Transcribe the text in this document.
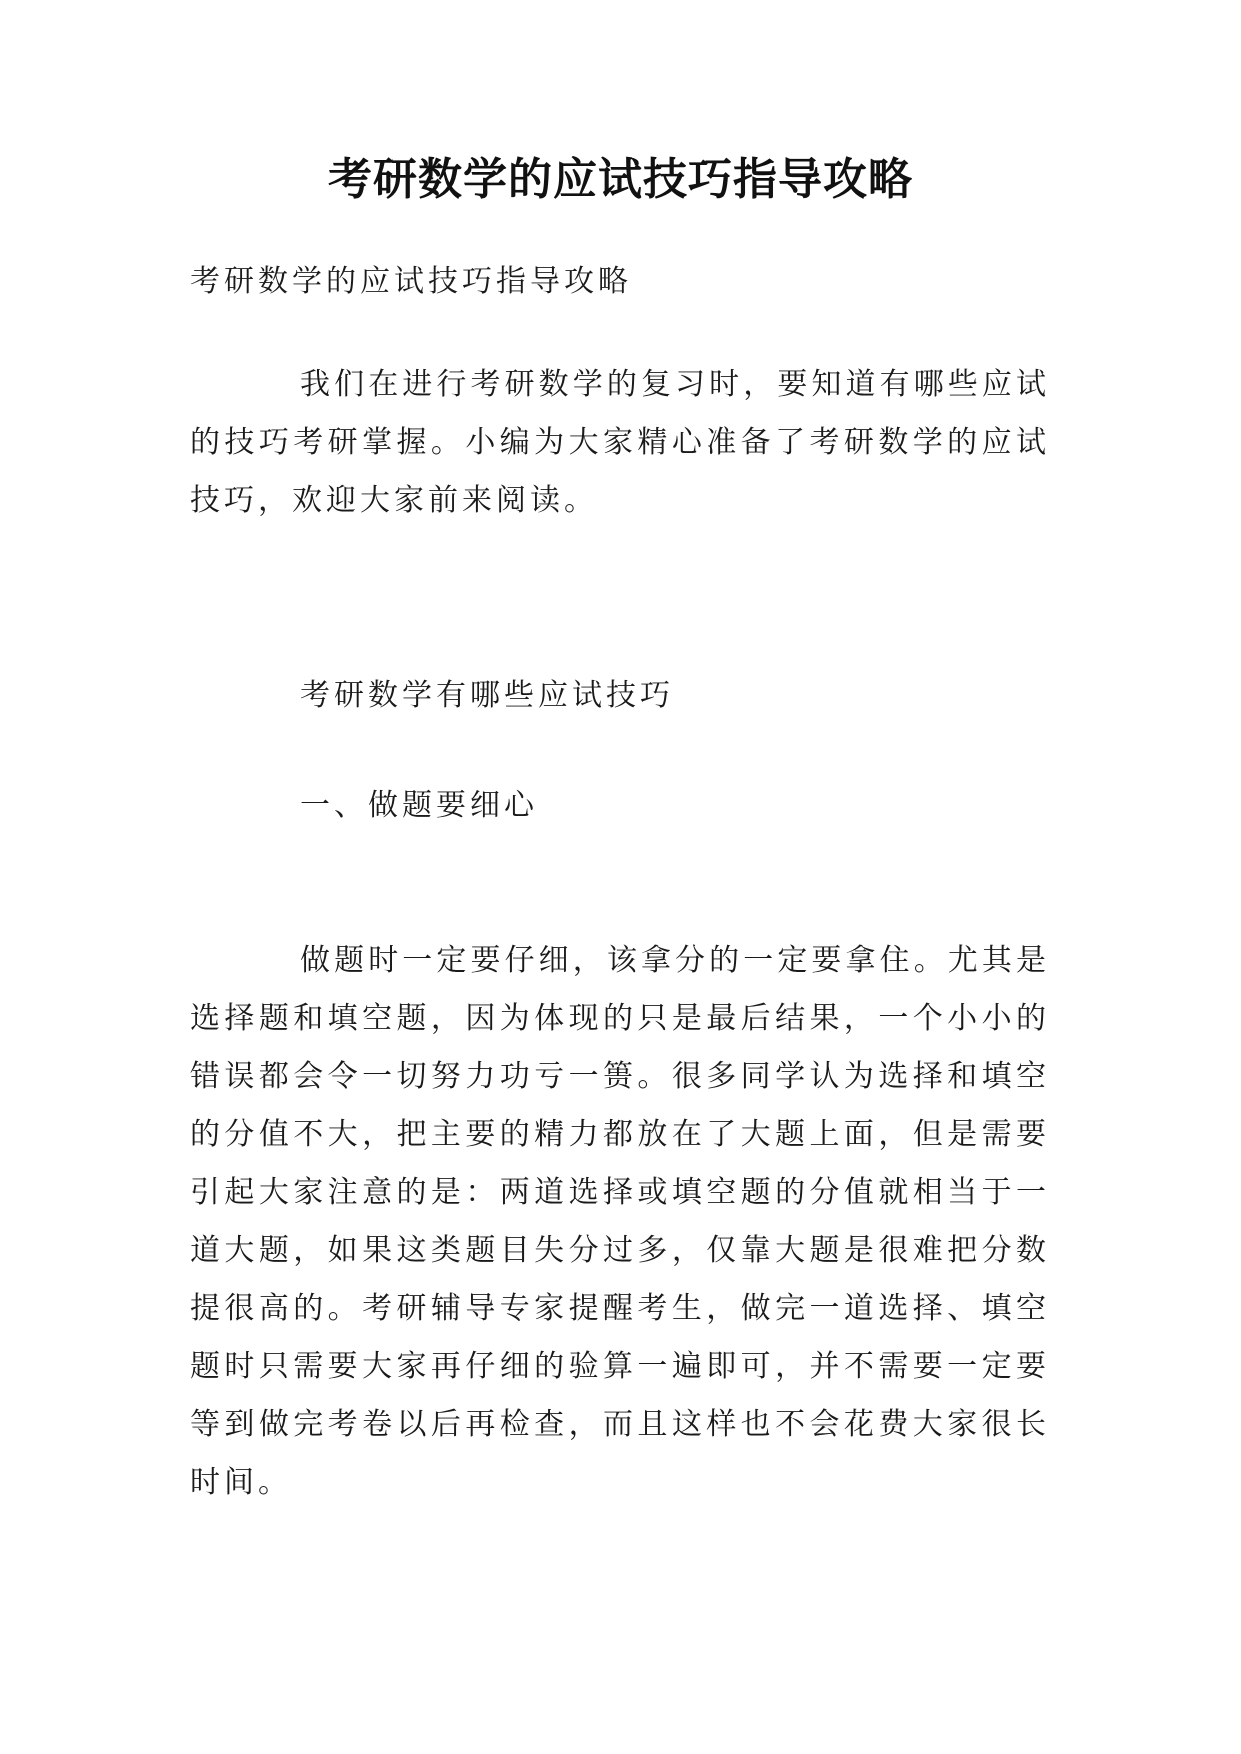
考研数学的应试技巧指导攻略
考研数学的应试技巧指导攻略

我们在进行考研数学的复习时，要知道有哪些应试的技巧考研掌握。小编为大家精心准备了考研数学的应试技巧，欢迎大家前来阅读。

考研数学有哪些应试技巧
一、做题要细心

做题时一定要仔细，该拿分的一定要拿住。尤其是选择题和填空题，因为体现的只是最后结果，一个小小的错误都会令一切努力功亏一篑。很多同学认为选择和填空的分值不大，把主要的精力都放在了大题上面，但是需要引起大家注意的是：两道选择或填空题的分值就相当于一道大题，如果这类题目失分过多，仅靠大题是很难把分数提很高的。考研辅导专家提醒考生，做完一道选择、填空题时只需要大家再仔细的验算一遍即可，并不需要一定要等到做完考卷以后再检查，而且这样也不会花费大家很长时间。
